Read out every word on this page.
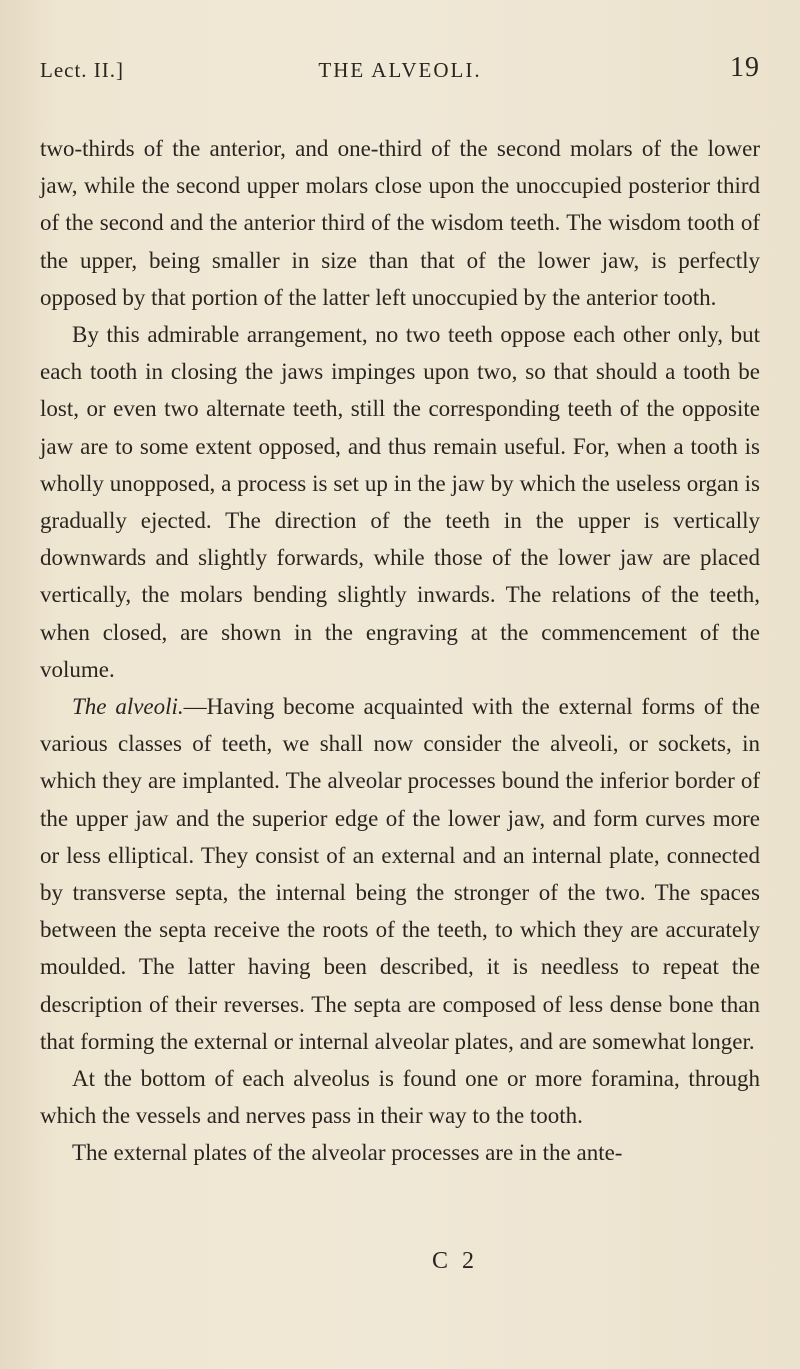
Lect. II.]	THE ALVEOLI.	19

two-thirds of the anterior, and one-third of the second molars of the lower jaw, while the second upper molars close upon the unoccupied posterior third of the second and the anterior third of the wisdom teeth. The wisdom tooth of the upper, being smaller in size than that of the lower jaw, is perfectly opposed by that portion of the latter left unoccupied by the anterior tooth.

By this admirable arrangement, no two teeth oppose each other only, but each tooth in closing the jaws impinges upon two, so that should a tooth be lost, or even two alternate teeth, still the corresponding teeth of the opposite jaw are to some extent opposed, and thus remain useful. For, when a tooth is wholly unopposed, a process is set up in the jaw by which the useless organ is gradually ejected. The direction of the teeth in the upper is vertically downwards and slightly forwards, while those of the lower jaw are placed vertically, the molars bending slightly inwards. The relations of the teeth, when closed, are shown in the engraving at the commencement of the volume.

The alveoli.—Having become acquainted with the external forms of the various classes of teeth, we shall now consider the alveoli, or sockets, in which they are implanted. The alveolar processes bound the inferior border of the upper jaw and the superior edge of the lower jaw, and form curves more or less elliptical. They consist of an external and an internal plate, connected by transverse septa, the internal being the stronger of the two. The spaces between the septa receive the roots of the teeth, to which they are accurately moulded. The latter having been described, it is needless to repeat the description of their reverses. The septa are composed of less dense bone than that forming the external or internal alveolar plates, and are somewhat longer.

At the bottom of each alveolus is found one or more foramina, through which the vessels and nerves pass in their way to the tooth.

The external plates of the alveolar processes are in the ante-

C 2
